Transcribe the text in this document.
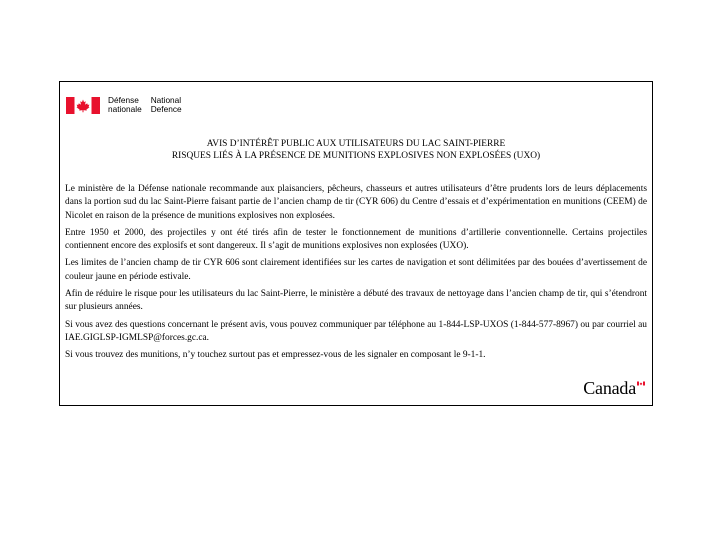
Défense
nationale
National
Defence
AVIS D’INTÉRÊT PUBLIC AUX UTILISATEURS DU LAC SAINT-PIERRE
RISQUES LIÉS À LA PRÉSENCE DE MUNITIONS EXPLOSIVES NON EXPLOSÉES (UXO)

Le ministère de la Défense nationale recommande aux plaisanciers, pêcheurs, chasseurs et autres utilisateurs d’être prudents lors de leurs déplacements dans la portion sud du lac Saint-Pierre faisant partie de l’ancien champ de tir (CYR 606) du Centre d’essais et d’expérimentation en munitions (CEEM) de Nicolet en raison de la présence de munitions explosives non explosées.

Entre 1950 et 2000, des projectiles y ont été tirés afin de tester le fonctionnement de munitions d’artillerie conventionnelle. Certains projectiles contiennent encore des explosifs et sont dangereux. Il s’agit de munitions explosives non explosées (UXO).

Les limites de l’ancien champ de tir CYR 606 sont clairement identifiées sur les cartes de navigation et sont délimitées par des bouées d’avertissement de couleur jaune en période estivale.

Afin de réduire le risque pour les utilisateurs du lac Saint-Pierre, le ministère a débuté des travaux de nettoyage dans l’ancien champ de tir, qui s’étendront sur plusieurs années.

Si vous avez des questions concernant le présent avis, vous pouvez communiquer par téléphone au 1-844-LSP-UXOS (1-844-577-8967) ou par courriel au IAE.GIGLSP-IGMLSP@forces.gc.ca.

Si vous trouvez des munitions, n’y touchez surtout pas et empressez-vous de les signaler en composant le 9-1-1.

Canada
